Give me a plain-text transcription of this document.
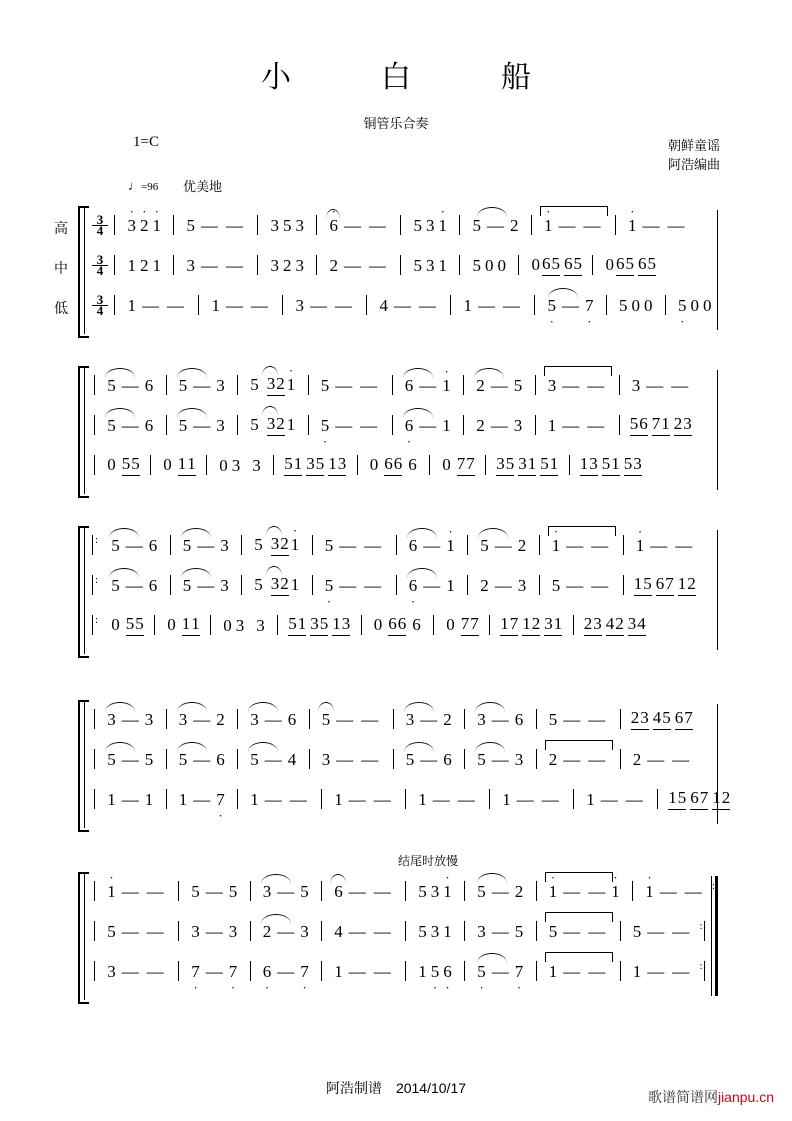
小　白　船
铜管乐合奏
1=C	朝鲜童谣
阿浩编曲
♩=96 优美地
高
中
低
$\frac{3}{4}$

·
3
·
2
·
1 5 — — 3 5 3
·
6 — — 5 3
·
1 5 — 2
·
1 — —
·
1 — —
$\frac{3}{4} 1$ 2 1 3 — — 3 2 3 2 — — 5 3 1 5 0 0 0 65 65 0 65 65
$\frac{3}{4} 1$ — — 1 — — 3 — — 4 — — 1 — —
·
5 —
·
7 5 0 0
·
5 0 0

5 — 6 5 — 3 5 32
·
1 5 — — 6 —
·
1 2 — 5 3 — — 3 — —

5 — 6 5 — 3 5 32 1
·
5 — —
·
6 — 1 2 — 3 1 — — 56 71 23
0 55 0 11 0 3 3 51 35 13 0 66 6 0 77 35 31 51 13 51 53
:
5 — 6 5 — 3 5 32
·
1 5 — — 6 —
·
1 5 — 2
·
1 — —
·
1 — —
:
5 — 6 5 — 3 5 32 1
·
5 — —
·
6 — 1 2 — 3 5 — — 15 67 12
: 0 55 0 11 0 3 3 51 35 13 0 66 6 0 77 17 12 31 23 42 34

3 — 3 3 — 2 3 — 6 5 — — 3 — 2 3 — 6 5 — — 23 45 67

5 — 5 5 — 6 5 — 4 3 — — 5 — 6 5 — 3 2 — — 2 — —
1 — 1 1 —
·
7 1 — — 1 — — 1 — — 1 — — 1 — — 15 67 12
结尾时放慢

·
1 — — 5 — 5 3 — 5 6 — — 5 3
·
1 5 — 2
·
1 — —
·
1
·
1 — — :
5 — — 3 — 3 2 — 3 4 — — 5 3 1 3 — 5 5 — — 5 — — :
3 — —
·
7 —
·
7
·
6 —
·
7 1 — — 1
·
5
·
6
·
5 —
·
7 1 — — 1 — — :
阿浩制谱 2014/10/17
歌谱简谱网jianpu.cn
